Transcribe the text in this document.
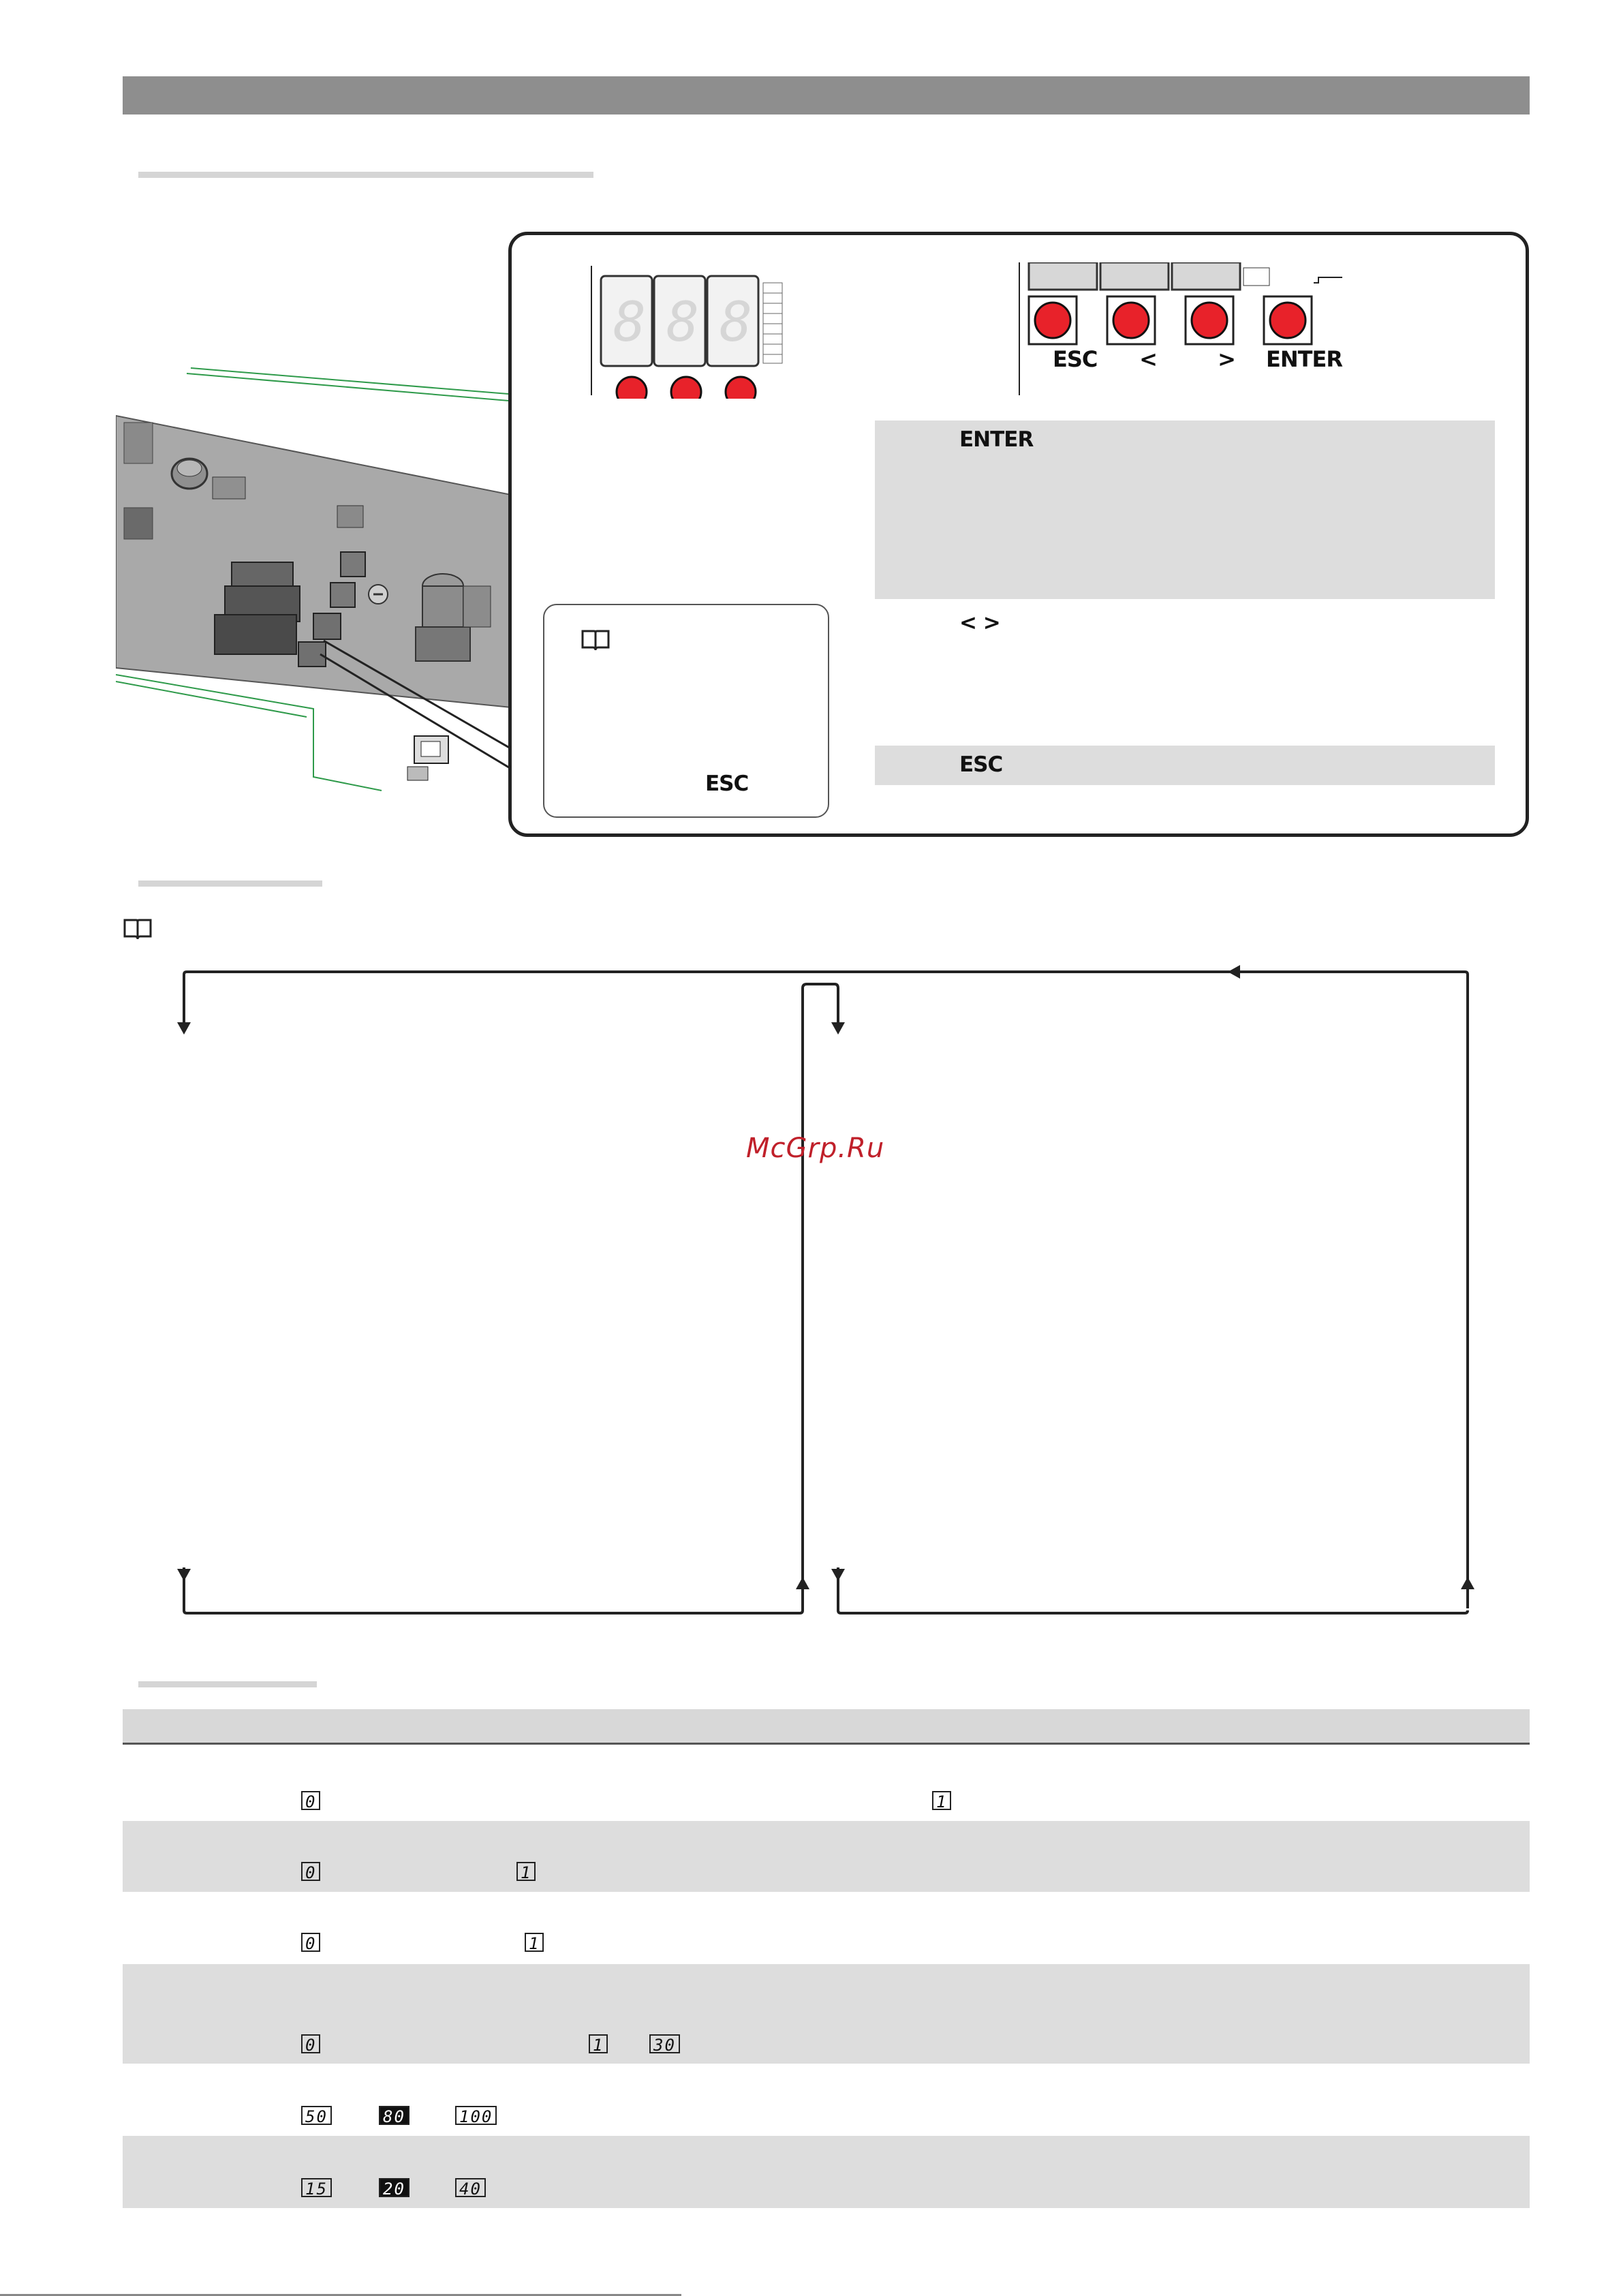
8 8 8
ESC	<	>	ENTER
ENTER
< >
ESC
ESC
McGrp.Ru
0	1
0	1
0	1
0	1	30
50	80	100
15	20	40
